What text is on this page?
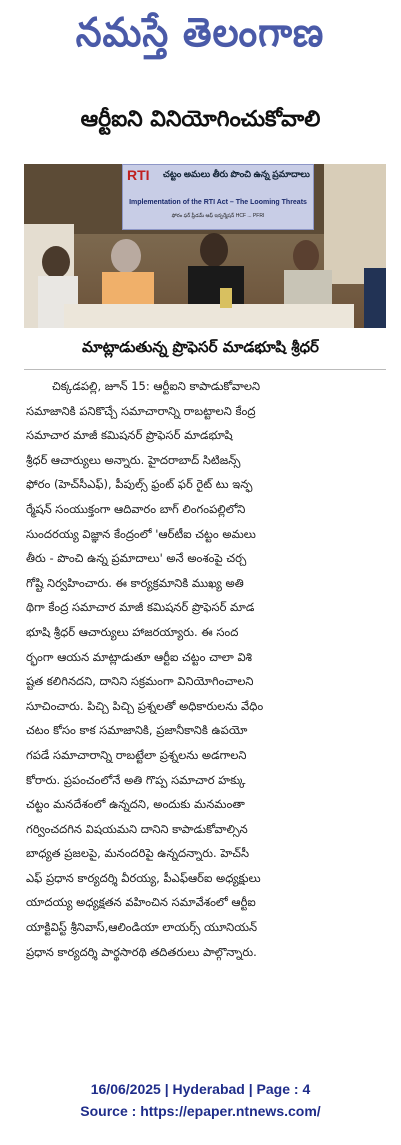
నమస్తే తెలంగాణ
ఆర్టీఐని వినియోగించుకోవాలి
RTI చట్టం అమలు తీరు పొంచి ఉన్న ప్రమాదాలు
Implementation of the RTI Act – The Looming Threats
ఫోరం ఫర్ ఫ్రీడమ్ ఆఫ్ ఇన్ఫర్మేషన్ HCF ... PFRI
మాట్లాడుతున్న ప్రొఫెసర్ మాడభూషి శ్రీధర్
చిక్కడపల్లి, జూన్ 15: ఆర్టీఐని కాపాడుకోవాలని
సమాజానికి పనికొచ్చే సమాచారాన్ని రాబట్టాలని కేంద్ర
సమాచార మాజీ కమిషనర్ ప్రొఫెసర్ మాడభూషి
శ్రీధర్ ఆచార్యులు అన్నారు. హైదరాబాద్ సిటిజన్స్
ఫోరం (హెచ్‌సీఎఫ్), పీపుల్స్ ఫ్రంట్ ఫర్ రైట్ టు ఇన్ఫ
ర్మేషన్ సంయుక్తంగా ఆదివారం బాగ్ లింగంపల్లిలోని
సుందరయ్య విజ్ఞాన కేంద్రంలో 'ఆర్‌టీఐ చట్టం అమలు
తీరు - పొంచి ఉన్న ప్రమాదాలు' అనే అంశంపై చర్చ
గోష్టి నిర్వహించారు. ఈ కార్యక్రమానికి ముఖ్య అతి
థిగా కేంద్ర సమాచార మాజీ కమిషనర్ ప్రొఫెసర్ మాడ
భూషి శ్రీధర్ ఆచార్యులు హాజరయ్యారు. ఈ సంద
ర్భంగా ఆయన మాట్లాడుతూ ఆర్టీఐ చట్టం చాలా విశి
ష్టత కలిగినదని, దానిని సక్రమంగా వినియోగించాలని
సూచించారు. పిచ్చి పిచ్చి ప్రశ్నలతో అధికారులను వేధిం
చటం కోసం కాక సమాజానికి, ప్రజానీకానికి ఉపయో
గపడే సమాచారాన్ని రాబట్టేలా ప్రశ్నలను అడగాలని
కోరారు. ప్రపంచంలోనే అతి గొప్ప సమాచార హక్కు
చట్టం మనదేశంలో ఉన్నదని, అందుకు మనమంతా
గర్వించదగిన విషయమని దానిని కాపాడుకోవాల్సిన
బాధ్యత ప్రజలపై, మనందరిపై ఉన్నదన్నారు. హెచ్‌సీ
ఎఫ్ ప్రధాన కార్యదర్శి వీరయ్య, పీఎఫ్‌ఆర్‌ఐ అధ్యక్షులు
యాదయ్య అధ్యక్షతన వహించిన సమావేశంలో ఆర్టీఐ
యాక్టివిస్ట్ శ్రీనివాస్,ఆలిండియా లాయర్స్ యూనియన్
ప్రధాన కార్యదర్శి పార్థసారథి తదితరులు పాల్గొన్నారు.
16/06/2025 | Hyderabad | Page : 4
Source : https://epaper.ntnews.com/
